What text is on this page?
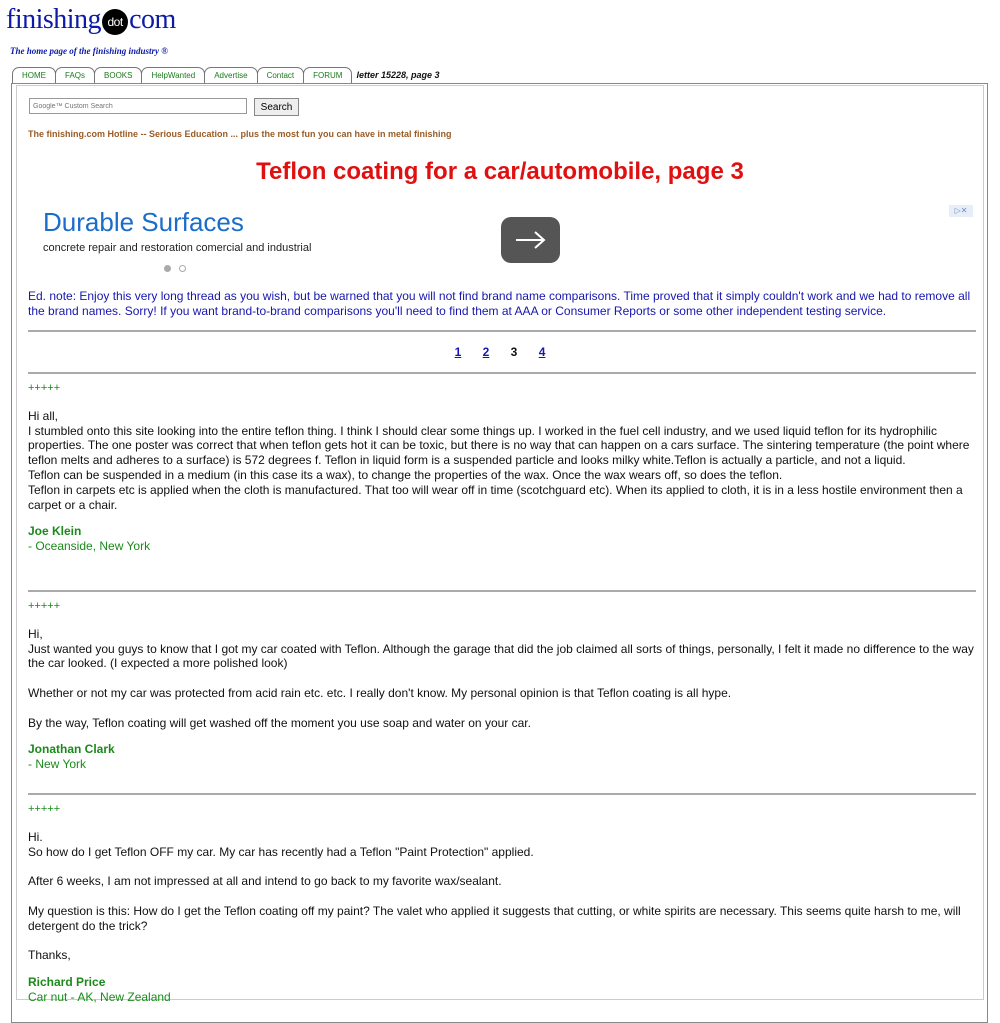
finishing dot com
The home page of the finishing industry ®
HOME	FAQs	BOOKS	HelpWanted	Advertise	Contact	FORUM	letter 15228, page 3
Google™ Custom Search
Search
The finishing.com Hotline -- Serious Education ... plus the most fun you can have in metal finishing
Teflon coating for a car/automobile, page 3
Durable Surfaces
concrete repair and restoration comercial and industrial
▷✕

Ed. note: Enjoy this very long thread as you wish, but be warned that you will not find brand name comparisons. Time proved that it simply couldn't work and we had to remove all the brand names. Sorry! If you want brand-to-brand comparisons you'll need to find them at AAA or Consumer Reports or some other independent testing service.

1 2 3 4
+++++

Hi all,

I stumbled onto this site looking into the entire teflon thing. I think I should clear some things up. I worked in the fuel cell industry, and we used liquid teflon for its hydrophilic properties. The one poster was correct that when teflon gets hot it can be toxic, but there is no way that can happen on a cars surface. The sintering temperature (the point where teflon melts and adheres to a surface) is 572 degrees f. Teflon in liquid form is a suspended particle and looks milky white.Teflon is actually a particle, and not a liquid.

Teflon can be suspended in a medium (in this case its a wax), to change the properties of the wax. Once the wax wears off, so does the teflon.

Teflon in carpets etc is applied when the cloth is manufactured. That too will wear off in time (scotchguard etc). When its applied to cloth, it is in a less hostile environment then a carpet or a chair.

Joe Klein
- Oceanside, New York
+++++

Hi,

Just wanted you guys to know that I got my car coated with Teflon. Although the garage that did the job claimed all sorts of things, personally, I felt it made no difference to the way the car looked. (I expected a more polished look)

Whether or not my car was protected from acid rain etc. etc. I really don't know. My personal opinion is that Teflon coating is all hype.

By the way, Teflon coating will get washed off the moment you use soap and water on your car.

Jonathan Clark
- New York
+++++

Hi.

So how do I get Teflon OFF my car. My car has recently had a Teflon "Paint Protection" applied.

After 6 weeks, I am not impressed at all and intend to go back to my favorite wax/sealant.

My question is this: How do I get the Teflon coating off my paint? The valet who applied it suggests that cutting, or white spirits are necessary. This seems quite harsh to me, will detergent do the trick?

Thanks,

Richard Price
Car nut - AK, New Zealand
